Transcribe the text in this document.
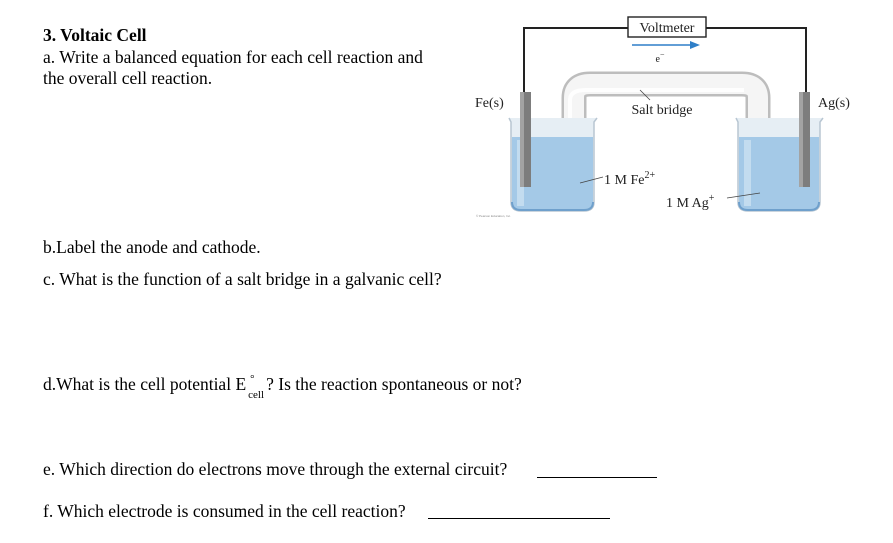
3. Voltaic Cell
a. Write a balanced equation for each cell reaction and
the overall cell reaction.
b.Label the anode and cathode.
c. What is the function of a salt bridge in a galvanic cell?
d.What is the cell potential E °
cell
? Is the reaction spontaneous or not?
e. Which direction do electrons move through the external circuit?
f. Which electrode is consumed in the cell reaction?
Voltmeter
e−
Salt bridge
Fe(s)	Ag(s)
1 M $Fe^{2+}$
1 M Ag+
© Pearson Education, Inc.
